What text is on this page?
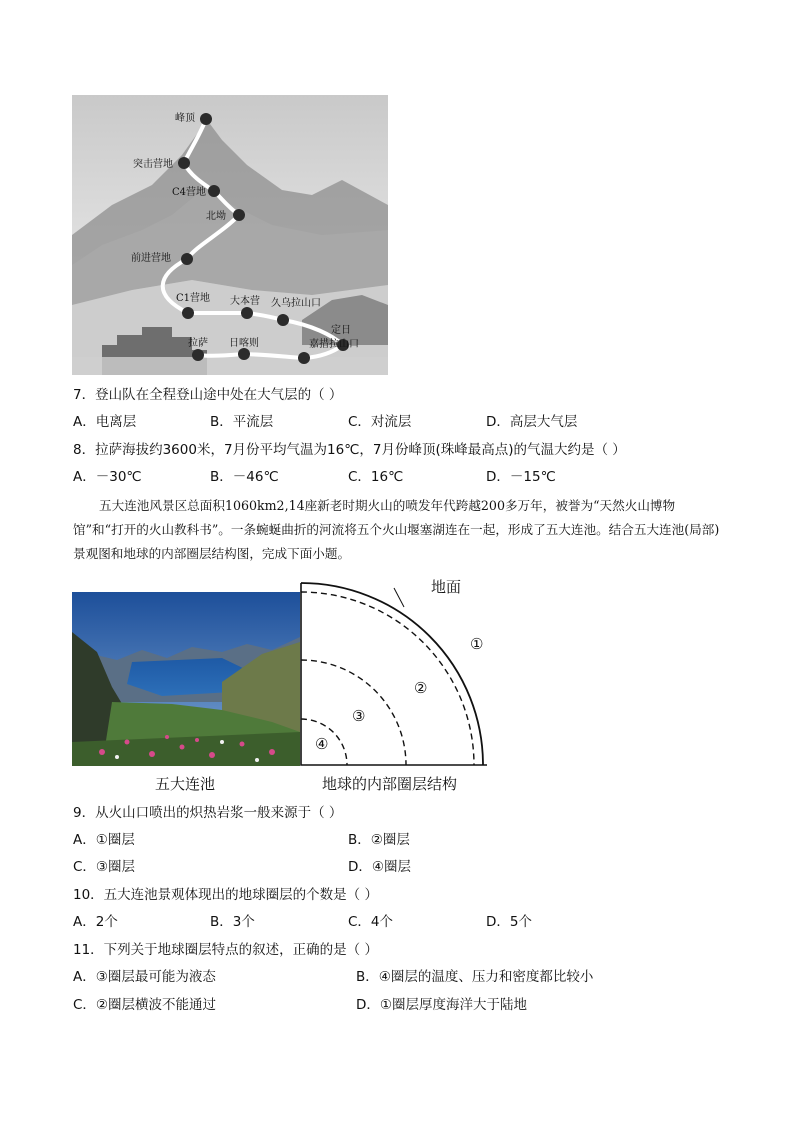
峰顶
突击营地
C4营地
北坳
前进营地
C1营地 大本营 久乌拉山口
定日
嘉措拉山口
日喀则
拉萨
7．登山队在全程登山途中处在大气层的（ ）
A．电离层	B．平流层	C．对流层	D．高层大气层
8．拉萨海拔约3600米，7月份平均气温为16℃，7月份峰顶(珠峰最高点)的气温大约是（ ）
A．－30℃	B．－46℃	C．16℃	D．－15℃
五大连池风景区总面积1060km2,14座新老时期火山的喷发年代跨越200多万年，被誉为“天然火山博物馆”和“打开的火山教科书”。一条蜿蜒曲折的河流将五个火山堰塞湖连在一起，形成了五大连池。结合五大连池(局部)景观图和地球的内部圈层结构图，完成下面小题。
地面
①
②
③
④
五大连池	地球的内部圈层结构
9．从火山口喷出的炽热岩浆一般来源于（ ）
A．①圈层	B．②圈层
C．③圈层	D．④圈层
10．五大连池景观体现出的地球圈层的个数是（ ）
A．2个	B．3个	C．4个	D．5个
11．下列关于地球圈层特点的叙述，正确的是（ ）
A．③圈层最可能为液态	B．④圈层的温度、压力和密度都比较小
C．②圈层横波不能通过	D．①圈层厚度海洋大于陆地
